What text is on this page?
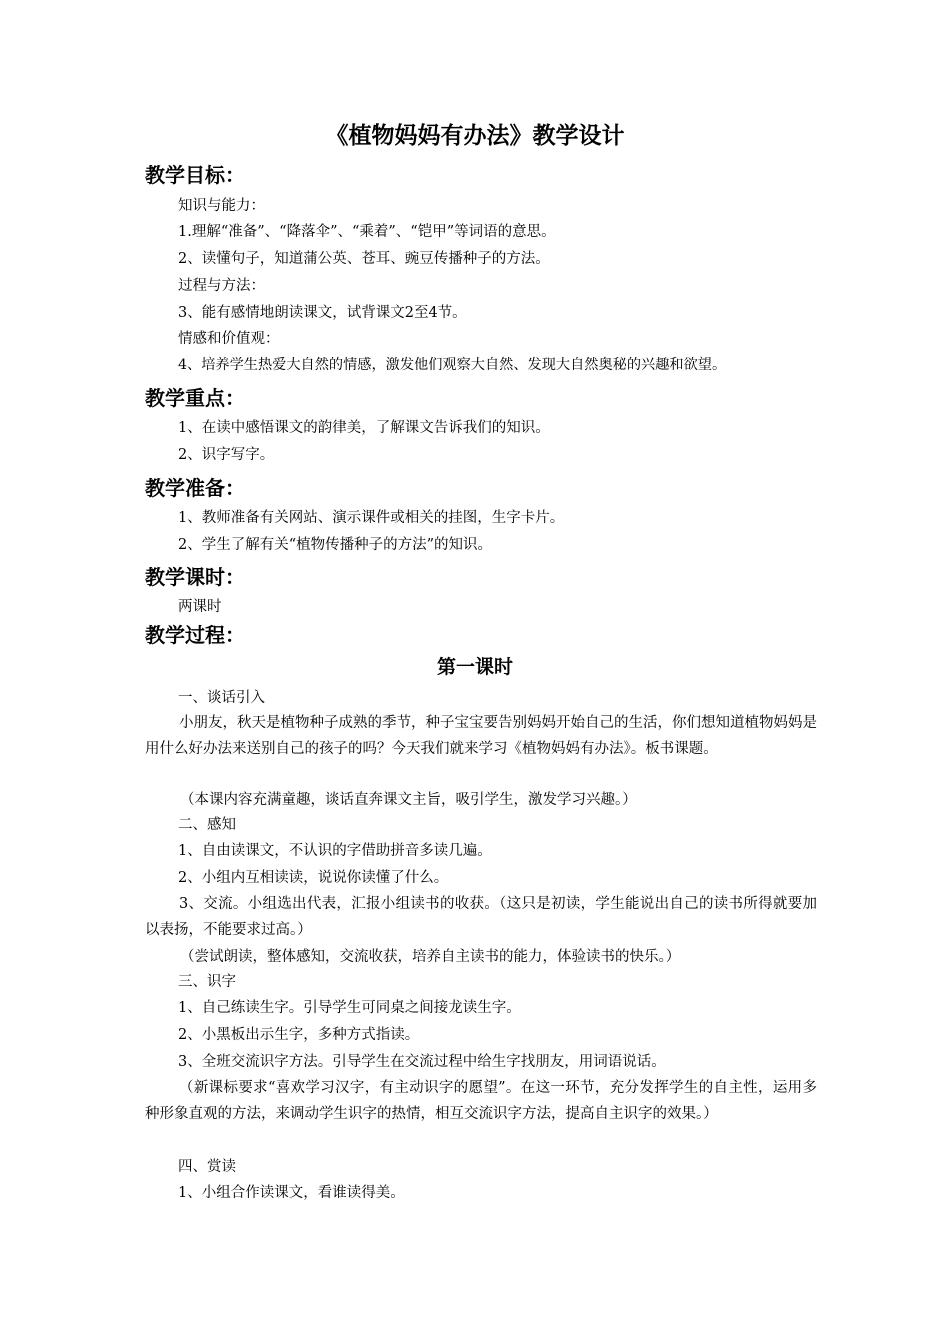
《植物妈妈有办法》教学设计
教学目标：
知识与能力：
1.理解“准备”、“降落伞”、“乘着”、“铠甲”等词语的意思。
2、读懂句子，知道蒲公英、苍耳、豌豆传播种子的方法。
过程与方法：
3、能有感情地朗读课文，试背课文2至4节。
情感和价值观：
4、培养学生热爱大自然的情感，激发他们观察大自然、发现大自然奥秘的兴趣和欲望。
教学重点：
1、在读中感悟课文的韵律美，了解课文告诉我们的知识。
2、识字写字。
教学准备：
1、教师准备有关网站、演示课件或相关的挂图，生字卡片。
2、学生了解有关“植物传播种子的方法”的知识。
教学课时：
两课时
教学过程：
第一课时
一、谈话引入
小朋友，秋天是植物种子成熟的季节，种子宝宝要告别妈妈开始自己的生活，你们想知道植物妈妈是用什么好办法来送别自己的孩子的吗？今天我们就来学习《植物妈妈有办法》。板书课题。
（本课内容充满童趣，谈话直奔课文主旨，吸引学生，激发学习兴趣。）
二、感知
1、自由读课文，不认识的字借助拼音多读几遍。
2、小组内互相读读，说说你读懂了什么。
3、交流。小组选出代表，汇报小组读书的收获。（这只是初读，学生能说出自己的读书所得就要加以表扬，不能要求过高。）
（尝试朗读，整体感知，交流收获，培养自主读书的能力，体验读书的快乐。）
三、识字
1、自己练读生字。引导学生可同桌之间接龙读生字。
2、小黑板出示生字，多种方式指读。
3、全班交流识字方法。引导学生在交流过程中给生字找朋友，用词语说话。
（新课标要求“喜欢学习汉字，有主动识字的愿望”。在这一环节，充分发挥学生的自主性，运用多种形象直观的方法，来调动学生识字的热情，相互交流识字方法，提高自主识字的效果。）
四、赏读
1、小组合作读课文，看谁读得美。
